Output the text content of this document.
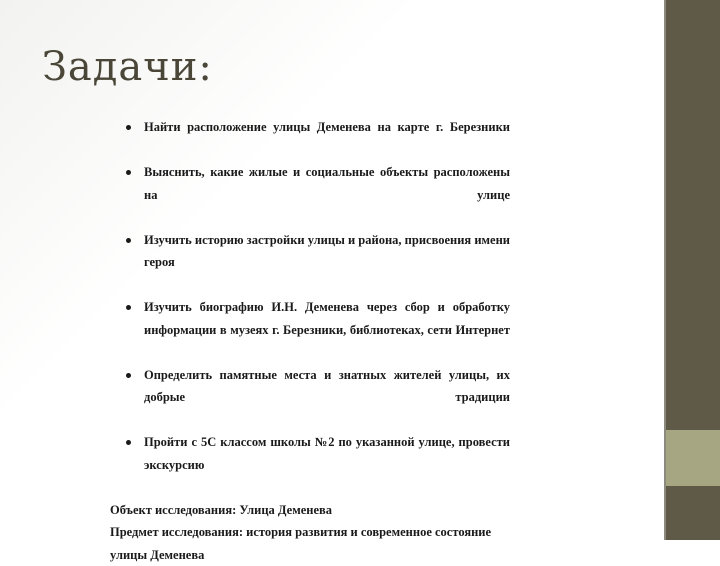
Задачи:
Найти расположение улицы Деменева на карте г. Березники
Выяснить, какие жилые и социальные объекты расположены на улице
Изучить историю застройки улицы и района, присвоения имени героя
Изучить биографию И.Н. Деменева через сбор и обработку информации в музеях г. Березники, библиотеках, сети Интернет
Определить памятные места и знатных жителей улицы, их добрые традиции
Пройти с 5С классом школы №2 по указанной улице, провести экскурсию

Объект исследования: Улица Деменева

Предмет исследования: история развития и современное состояние улицы Деменева
